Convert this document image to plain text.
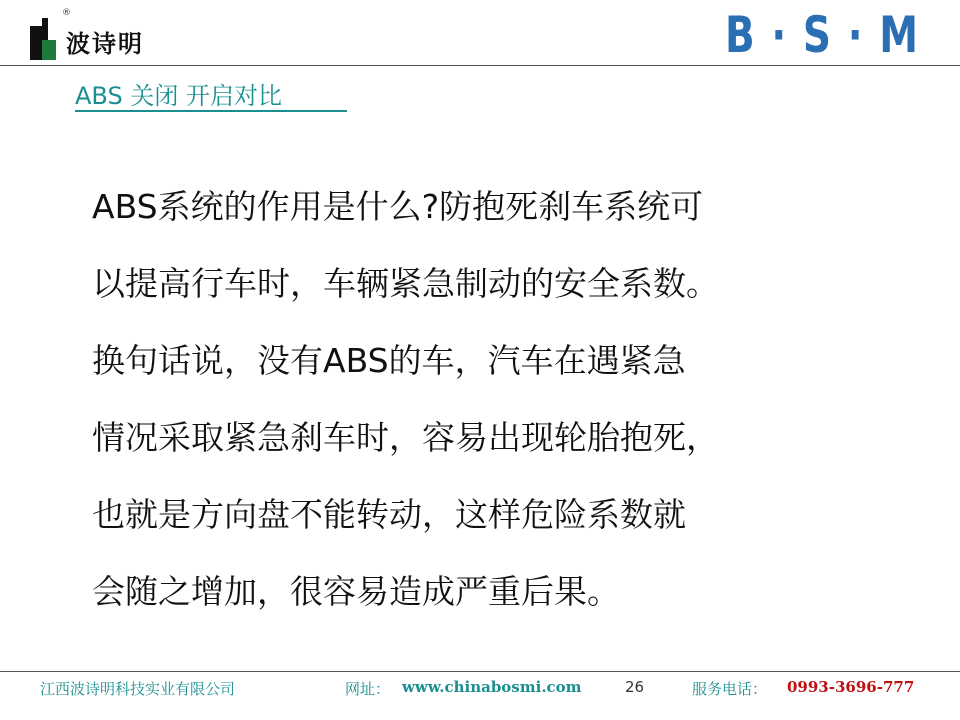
®
波诗明	B · S · M
ABS 关闭 开启对比
ABS系统的作用是什么?防抱死刹车系统可
以提高行车时，车辆紧急制动的安全系数。
换句话说，没有ABS的车，汽车在遇紧急
情况采取紧急刹车时，容易出现轮胎抱死，
也就是方向盘不能转动，这样危险系数就
会随之增加，很容易造成严重后果。
江西波诗明科技实业有限公司	网址： www.chinabosmi.com	26	服务电话： 0993-3696-777
